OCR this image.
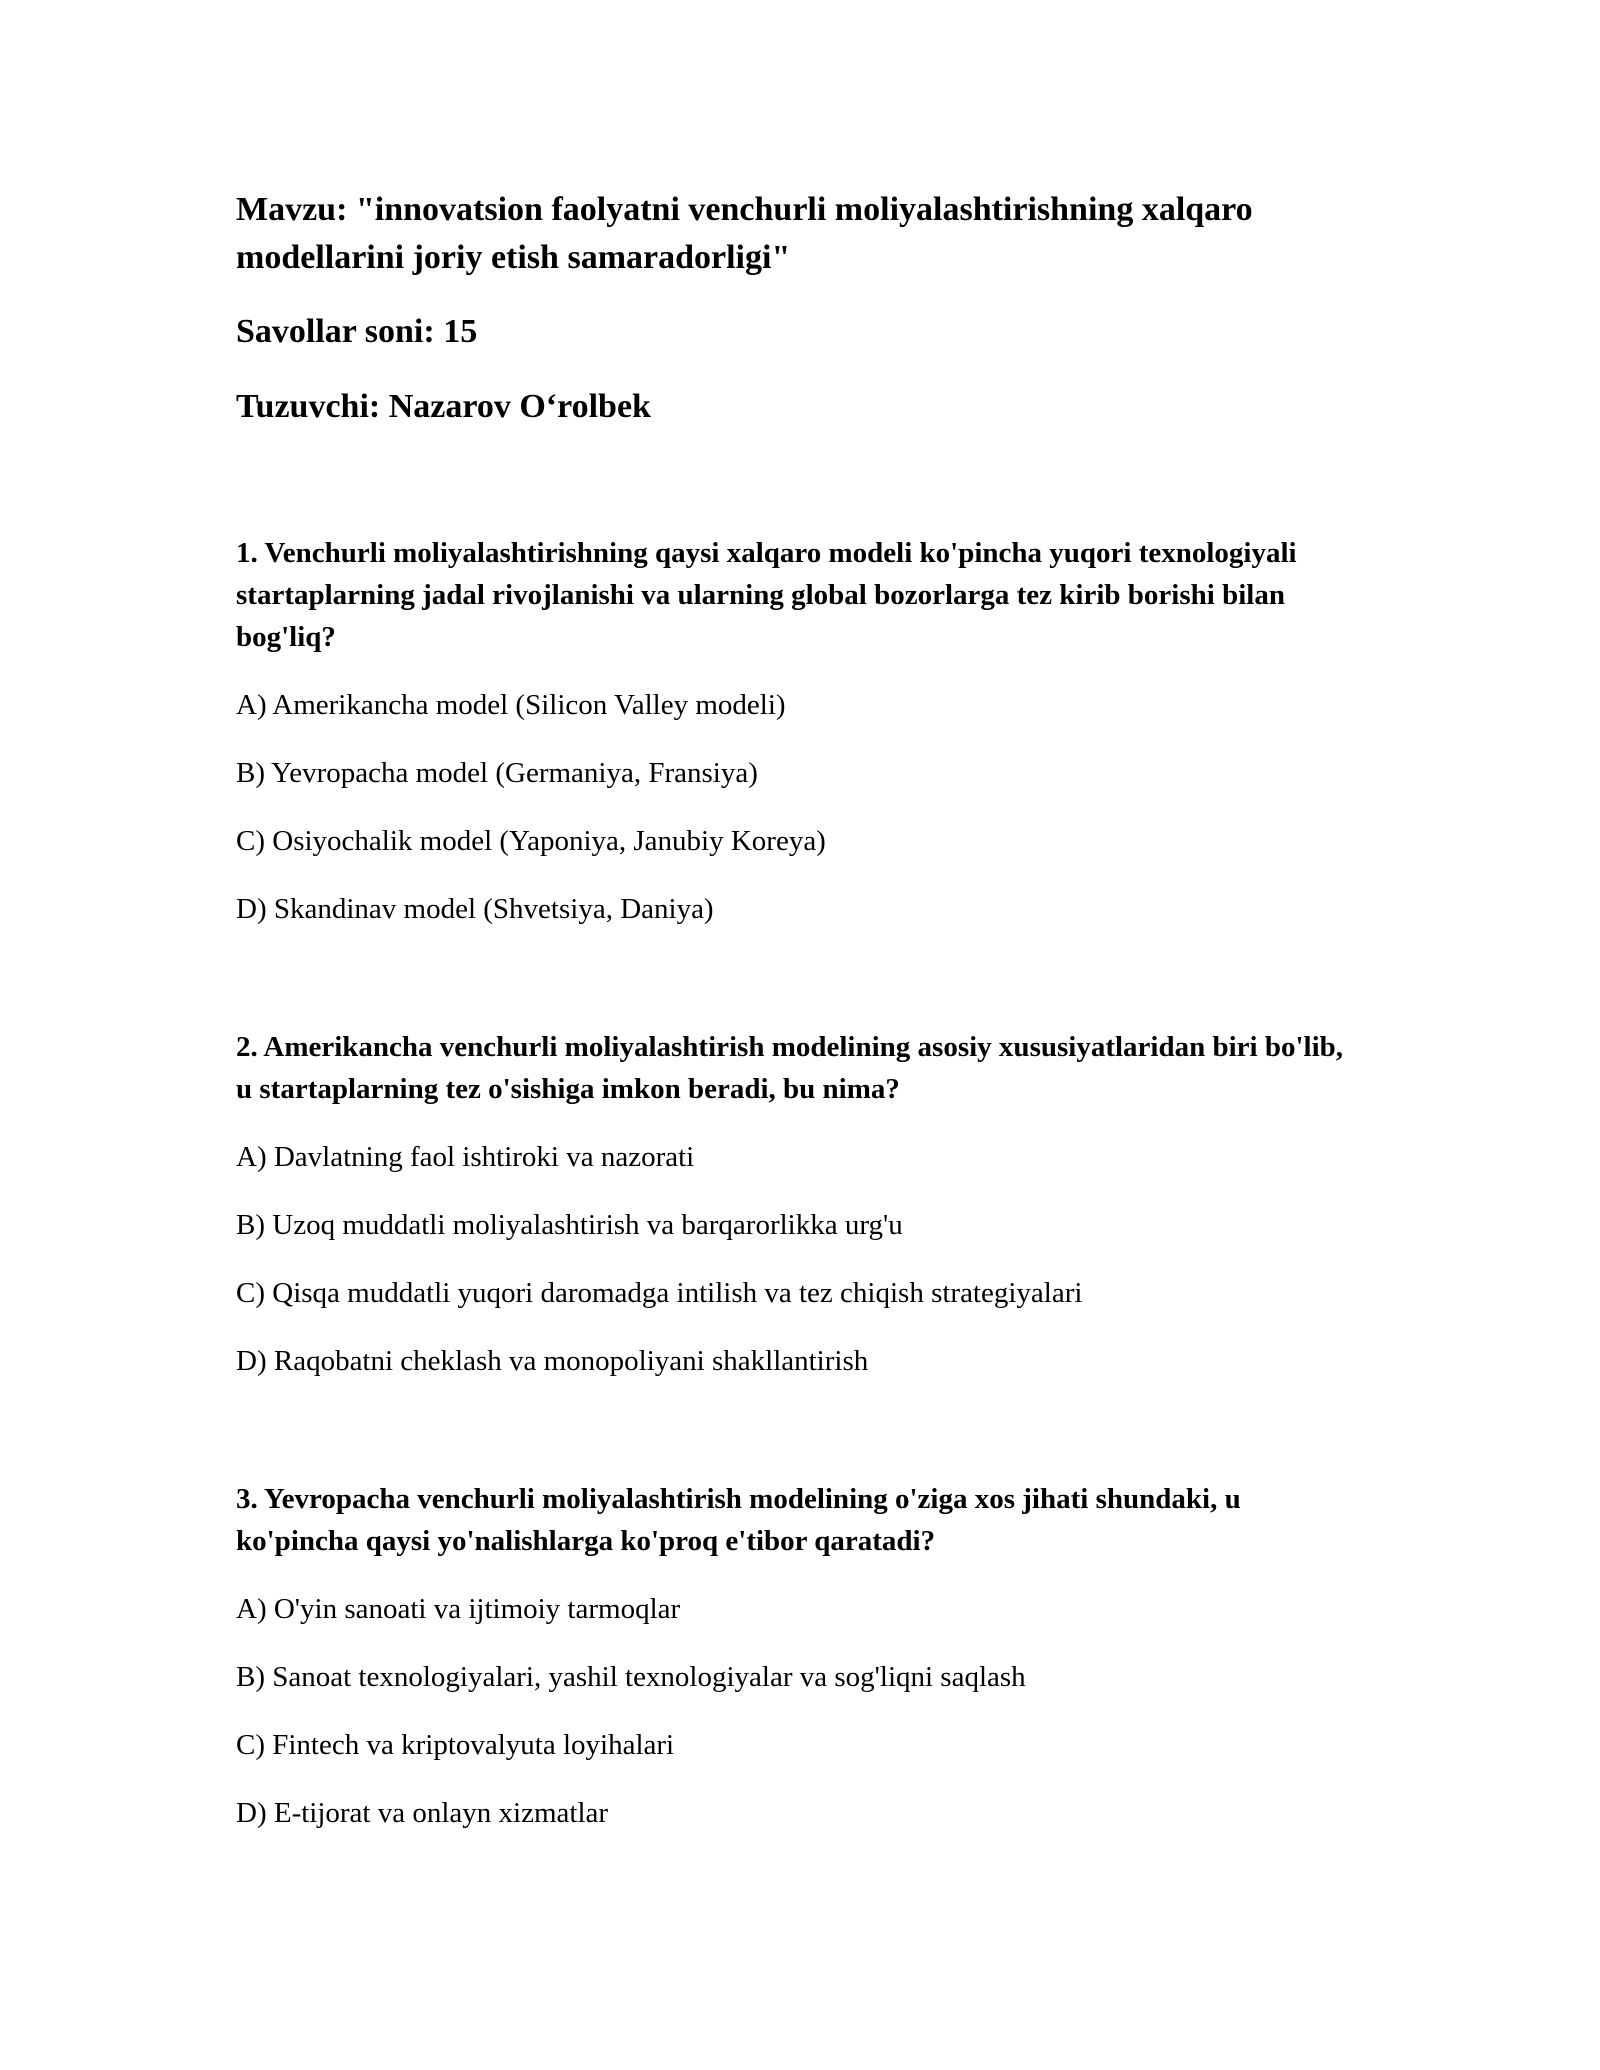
Mavzu: "innovatsion faolyatni venchurli moliyalashtirishning xalqaro modellarini joriy etish samaradorligi"

Savollar soni: 15

Tuzuvchi: Nazarov O‘rolbek

1. Venchurli moliyalashtirishning qaysi xalqaro modeli ko'pincha yuqori texnologiyali startaplarning jadal rivojlanishi va ularning global bozorlarga tez kirib borishi bilan bog'liq?

A) Amerikancha model (Silicon Valley modeli)

B) Yevropacha model (Germaniya, Fransiya)

C) Osiyochalik model (Yaponiya, Janubiy Koreya)

D) Skandinav model (Shvetsiya, Daniya)

2. Amerikancha venchurli moliyalashtirish modelining asosiy xususiyatlaridan biri bo'lib, u startaplarning tez o'sishiga imkon beradi, bu nima?

A) Davlatning faol ishtiroki va nazorati

B) Uzoq muddatli moliyalashtirish va barqarorlikka urg'u

C) Qisqa muddatli yuqori daromadga intilish va tez chiqish strategiyalari

D) Raqobatni cheklash va monopoliyani shakllantirish

3. Yevropacha venchurli moliyalashtirish modelining o'ziga xos jihati shundaki, u ko'pincha qaysi yo'nalishlarga ko'proq e'tibor qaratadi?

A) O'yin sanoati va ijtimoiy tarmoqlar

B) Sanoat texnologiyalari, yashil texnologiyalar va sog'liqni saqlash

C) Fintech va kriptovalyuta loyihalari

D) E-tijorat va onlayn xizmatlar
